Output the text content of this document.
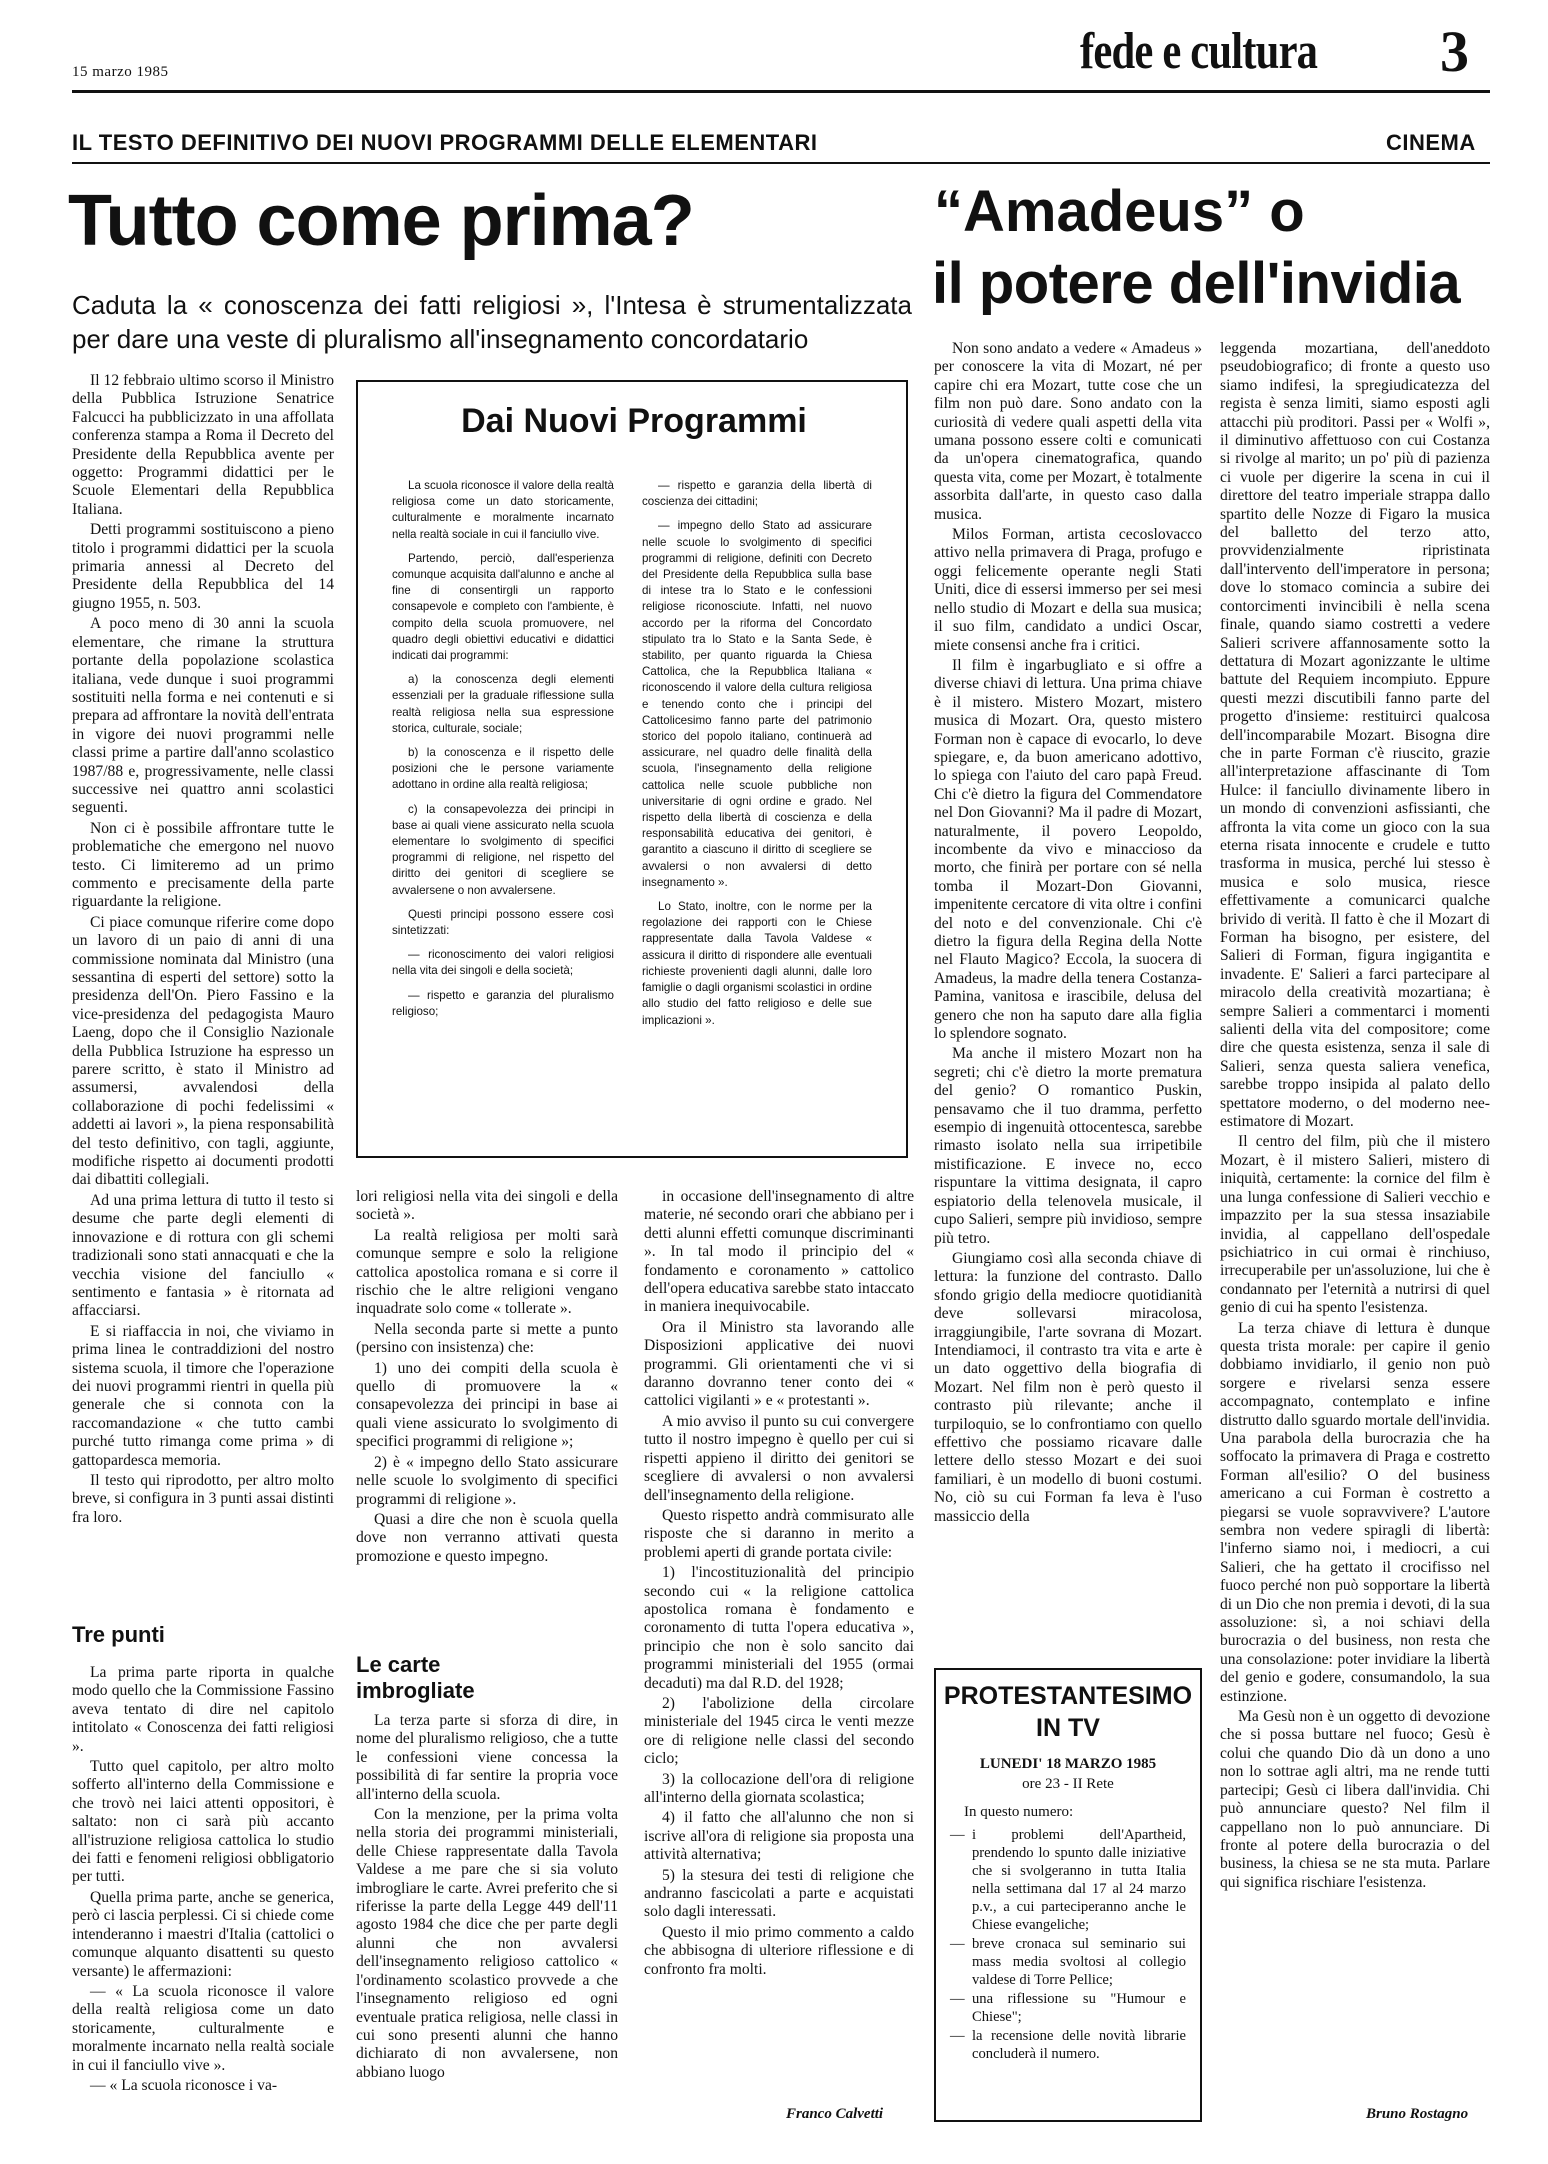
15 marzo 1985	fede e cultura 3
IL TESTO DEFINITIVO DEI NUOVI PROGRAMMI DELLE ELEMENTARI	CINEMA
Tutto come prima?
Caduta la « conoscenza dei fatti religiosi », l'Intesa è strumentalizzata per dare una veste di pluralismo all'insegnamento concordatario

Il 12 febbraio ultimo scorso il Ministro della Pubblica Istruzione Senatrice Falcucci ha pubblicizzato in una affollata conferenza stampa a Roma il Decreto del Presidente della Repubblica avente per oggetto: Programmi didattici per le Scuole Elementari della Repubblica Italiana.

Detti programmi sostituiscono a pieno titolo i programmi didattici per la scuola primaria annessi al Decreto del Presidente della Repubblica del 14 giugno 1955, n. 503.

A poco meno di 30 anni la scuola elementare, che rimane la struttura portante della popolazione scolastica italiana, vede dunque i suoi programmi sostituiti nella forma e nei contenuti e si prepara ad affrontare la novità dell'entrata in vigore dei nuovi programmi nelle classi prime a partire dall'anno scolastico 1987/88 e, progressivamente, nelle classi successive nei quattro anni scolastici seguenti.

Non ci è possibile affrontare tutte le problematiche che emergono nel nuovo testo. Ci limiteremo ad un primo commento e precisamente della parte riguardante la religione.

Ci piace comunque riferire come dopo un lavoro di un paio di anni di una commissione nominata dal Ministro (una sessantina di esperti del settore) sotto la presidenza dell'On. Piero Fassino e la vice-presidenza del pedagogista Mauro Laeng, dopo che il Consiglio Nazionale della Pubblica Istruzione ha espresso un parere scritto, è stato il Ministro ad assumersi, avvalendosi della collaborazione di pochi fedelissimi « addetti ai lavori », la piena responsabilità del testo definitivo, con tagli, aggiunte, modifiche rispetto ai documenti prodotti dai dibattiti collegiali.

Ad una prima lettura di tutto il testo si desume che parte degli elementi di innovazione e di rottura con gli schemi tradizionali sono stati annacquati e che la vecchia visione del fanciullo « sentimento e fantasia » è ritornata ad affacciarsi.

E si riaffaccia in noi, che viviamo in prima linea le contraddizioni del nostro sistema scuola, il timore che l'operazione dei nuovi programmi rientri in quella più generale che si connota con la raccomandazione « che tutto cambi purché tutto rimanga come prima » di gattopardesca memoria.

Il testo qui riprodotto, per altro molto breve, si configura in 3 punti assai distinti fra loro.

Tre punti

La prima parte riporta in qualche modo quello che la Commissione Fassino aveva tentato di dire nel capitolo intitolato « Conoscenza dei fatti religiosi ».

Tutto quel capitolo, per altro molto sofferto all'interno della Commissione e che trovò nei laici attenti oppositori, è saltato: non ci sarà più accanto all'istruzione religiosa cattolica lo studio dei fatti e fenomeni religiosi obbligatorio per tutti.

Quella prima parte, anche se generica, però ci lascia perplessi. Ci si chiede come intenderanno i maestri d'Italia (cattolici o comunque alquanto disattenti su questo versante) le affermazioni:

— « La scuola riconosce il valore della realtà religiosa come un dato storicamente, culturalmente e moralmente incarnato nella realtà sociale in cui il fanciullo vive ».

— « La scuola riconosce i va-

Dai Nuovi Programmi

La scuola riconosce il valore della realtà religiosa come un dato storicamente, culturalmente e moralmente incarnato nella realtà sociale in cui il fanciullo vive.

Partendo, perciò, dall'esperienza comunque acquisita dall'alunno e anche al fine di consentirgli un rapporto consapevole e completo con l'ambiente, è compito della scuola promuovere, nel quadro degli obiettivi educativi e didattici indicati dai programmi:

a) la conoscenza degli elementi essenziali per la graduale riflessione sulla realtà religiosa nella sua espressione storica, culturale, sociale;

b) la conoscenza e il rispetto delle posizioni che le persone variamente adottano in ordine alla realtà religiosa;

c) la consapevolezza dei principi in base ai quali viene assicurato nella scuola elementare lo svolgimento di specifici programmi di religione, nel rispetto del diritto dei genitori di scegliere se avvalersene o non avvalersene.

Questi principi possono essere così sintetizzati:

— riconoscimento dei valori religiosi nella vita dei singoli e della società;

— rispetto e garanzia del pluralismo religioso;

— rispetto e garanzia della libertà di coscienza dei cittadini;

— impegno dello Stato ad assicurare nelle scuole lo svolgimento di specifici programmi di religione, definiti con Decreto del Presidente della Repubblica sulla base di intese tra lo Stato e le confessioni religiose riconosciute. Infatti, nel nuovo accordo per la riforma del Concordato stipulato tra lo Stato e la Santa Sede, è stabilito, per quanto riguarda la Chiesa Cattolica, che la Repubblica Italiana « riconoscendo il valore della cultura religiosa e tenendo conto che i principi del Cattolicesimo fanno parte del patrimonio storico del popolo italiano, continuerà ad assicurare, nel quadro delle finalità della scuola, l'insegnamento della religione cattolica nelle scuole pubbliche non universitarie di ogni ordine e grado. Nel rispetto della libertà di coscienza e della responsabilità educativa dei genitori, è garantito a ciascuno il diritto di scegliere se avvalersi o non avvalersi di detto insegnamento ».

Lo Stato, inoltre, con le norme per la regolazione dei rapporti con le Chiese rappresentate dalla Tavola Valdese « assicura il diritto di rispondere alle eventuali richieste provenienti dagli alunni, dalle loro famiglie o dagli organismi scolastici in ordine allo studio del fatto religioso e delle sue implicazioni ».

lori religiosi nella vita dei singoli e della società ».

La realtà religiosa per molti sarà comunque sempre e solo la religione cattolica apostolica romana e si corre il rischio che le altre religioni vengano inquadrate solo come « tollerate ».

Nella seconda parte si mette a punto (persino con insistenza) che:

1) uno dei compiti della scuola è quello di promuovere la « consapevolezza dei principi in base ai quali viene assicurato lo svolgimento di specifici programmi di religione »;

2) è « impegno dello Stato assicurare nelle scuole lo svolgimento di specifici programmi di religione ».

Quasi a dire che non è scuola quella dove non verranno attivati questa promozione e questo impegno.

Le carte imbrogliate

La terza parte si sforza di dire, in nome del pluralismo religioso, che a tutte le confessioni viene concessa la possibilità di far sentire la propria voce all'interno della scuola.

Con la menzione, per la prima volta nella storia dei programmi ministeriali, delle Chiese rappresentate dalla Tavola Valdese a me pare che si sia voluto imbrogliare le carte. Avrei preferito che si riferisse la parte della Legge 449 dell'11 agosto 1984 che dice che per parte degli alunni che non avvalersi dell'insegnamento religioso cattolico « l'ordinamento scolastico provvede a che l'insegnamento religioso ed ogni eventuale pratica religiosa, nelle classi in cui sono presenti alunni che hanno dichiarato di non avvalersene, non abbiano luogo

in occasione dell'insegnamento di altre materie, né secondo orari che abbiano per i detti alunni effetti comunque discriminanti ». In tal modo il principio del « fondamento e coronamento » cattolico dell'opera educativa sarebbe stato intaccato in maniera inequivocabile.

Ora il Ministro sta lavorando alle Disposizioni applicative dei nuovi programmi. Gli orientamenti che vi si daranno dovranno tener conto dei « cattolici vigilanti » e « protestanti ».

A mio avviso il punto su cui convergere tutto il nostro impegno è quello per cui si rispetti appieno il diritto dei genitori se scegliere di avvalersi o non avvalersi dell'insegnamento della religione.

Questo rispetto andrà commisurato alle risposte che si daranno in merito a problemi aperti di grande portata civile:

1) l'incostituzionalità del principio secondo cui « la religione cattolica apostolica romana è fondamento e coronamento di tutta l'opera educativa », principio che non è solo sancito dai programmi ministeriali del 1955 (ormai decaduti) ma dal R.D. del 1928;

2) l'abolizione della circolare ministeriale del 1945 circa le venti mezze ore di religione nelle classi del secondo ciclo;

3) la collocazione dell'ora di religione all'interno della giornata scolastica;

4) il fatto che all'alunno che non si iscrive all'ora di religione sia proposta una attività alternativa;

5) la stesura dei testi di religione che andranno fascicolati a parte e acquistati solo dagli interessati.

Questo il mio primo commento a caldo che abbisogna di ulteriore riflessione e di confronto fra molti.

Franco Calvetti
“Amadeus” o
il potere dell'invidia

Non sono andato a vedere « Amadeus » per conoscere la vita di Mozart, né per capire chi era Mozart, tutte cose che un film non può dare. Sono andato con la curiosità di vedere quali aspetti della vita umana possono essere colti e comunicati da un'opera cinematografica, quando questa vita, come per Mozart, è totalmente assorbita dall'arte, in questo caso dalla musica.

Milos Forman, artista cecoslovacco attivo nella primavera di Praga, profugo e oggi felicemente operante negli Stati Uniti, dice di essersi immerso per sei mesi nello studio di Mozart e della sua musica; il suo film, candidato a undici Oscar, miete consensi anche fra i critici.

Il film è ingarbugliato e si offre a diverse chiavi di lettura. Una prima chiave è il mistero. Mistero Mozart, mistero musica di Mozart. Ora, questo mistero Forman non è capace di evocarlo, lo deve spiegare, e, da buon americano adottivo, lo spiega con l'aiuto del caro papà Freud. Chi c'è dietro la figura del Commendatore nel Don Giovanni? Ma il padre di Mozart, naturalmente, il povero Leopoldo, incombente da vivo e minaccioso da morto, che finirà per portare con sé nella tomba il Mozart-Don Giovanni, impenitente cercatore di vita oltre i confini del noto e del convenzionale. Chi c'è dietro la figura della Regina della Notte nel Flauto Magico? Eccola, la suocera di Amadeus, la madre della tenera Costanza-Pamina, vanitosa e irascibile, delusa del genero che non ha saputo dare alla figlia lo splendore sognato.

Ma anche il mistero Mozart non ha segreti; chi c'è dietro la morte prematura del genio? O romantico Puskin, pensavamo che il tuo dramma, perfetto esempio di ingenuità ottocentesca, sarebbe rimasto isolato nella sua irripetibile mistificazione. E invece no, ecco rispuntare la vittima designata, il capro espiatorio della telenovela musicale, il cupo Salieri, sempre più invidioso, sempre più tetro.

Giungiamo così alla seconda chiave di lettura: la funzione del contrasto. Dallo sfondo grigio della mediocre quotidianità deve sollevarsi miracolosa, irraggiungibile, l'arte sovrana di Mozart. Intendiamoci, il contrasto tra vita e arte è un dato oggettivo della biografia di Mozart. Nel film non è però questo il contrasto più rilevante; anche il turpiloquio, se lo confrontiamo con quello effettivo che possiamo ricavare dalle lettere dello stesso Mozart e dei suoi familiari, è un modello di buoni costumi. No, ciò su cui Forman fa leva è l'uso massiccio della

PROTESTANTESIMO
IN TV
LUNEDI' 18 MARZO 1985
ore 23 - II Rete
In questo numero:
— i problemi dell'Apartheid, prendendo lo spunto dalle iniziative che si svolgeranno in tutta Italia nella settimana dal 17 al 24 marzo p.v., a cui parteciperanno anche le Chiese evangeliche;
— breve cronaca sul seminario sui mass media svoltosi al collegio valdese di Torre Pellice;
— una riflessione su "Humour e Chiese";
— la recensione delle novità librarie concluderà il numero.

leggenda mozartiana, dell'aneddoto pseudobiografico; di fronte a questo uso siamo indifesi, la spregiudicatezza del regista è senza limiti, siamo esposti agli attacchi più proditori. Passi per « Wolfi », il diminutivo affettuoso con cui Costanza si rivolge al marito; un po' più di pazienza ci vuole per digerire la scena in cui il direttore del teatro imperiale strappa dallo spartito delle Nozze di Figaro la musica del balletto del terzo atto, provvidenzialmente ripristinata dall'intervento dell'imperatore in persona; dove lo stomaco comincia a subire dei contorcimenti invincibili è nella scena finale, quando siamo costretti a vedere Salieri scrivere affannosamente sotto la dettatura di Mozart agonizzante le ultime battute del Requiem incompiuto. Eppure questi mezzi discutibili fanno parte del progetto d'insieme: restituirci qualcosa dell'incomparabile Mozart. Bisogna dire che in parte Forman c'è riuscito, grazie all'interpretazione affascinante di Tom Hulce: il fanciullo divinamente libero in un mondo di convenzioni asfissianti, che affronta la vita come un gioco con la sua eterna risata innocente e crudele e tutto trasforma in musica, perché lui stesso è musica e solo musica, riesce effettivamente a comunicarci qualche brivido di verità. Il fatto è che il Mozart di Forman ha bisogno, per esistere, del Salieri di Forman, figura ingigantita e invadente. E' Salieri a farci partecipare al miracolo della creatività mozartiana; è sempre Salieri a commentarci i momenti salienti della vita del compositore; come dire che questa esistenza, senza il sale di Salieri, senza questa saliera venefica, sarebbe troppo insipida al palato dello spettatore moderno, o del moderno nee-estimatore di Mozart.

Il centro del film, più che il mistero Mozart, è il mistero Salieri, mistero di iniquità, certamente: la cornice del film è una lunga confessione di Salieri vecchio e impazzito per la sua stessa insaziabile invidia, al cappellano dell'ospedale psichiatrico in cui ormai è rinchiuso, irrecuperabile per un'assoluzione, lui che è condannato per l'eternità a nutrirsi di quel genio di cui ha spento l'esistenza.

La terza chiave di lettura è dunque questa trista morale: per capire il genio dobbiamo invidiarlo, il genio non può sorgere e rivelarsi senza essere accompagnato, contemplato e infine distrutto dallo sguardo mortale dell'invidia. Una parabola della burocrazia che ha soffocato la primavera di Praga e costretto Forman all'esilio? O del business americano a cui Forman è costretto a piegarsi se vuole sopravvivere? L'autore sembra non vedere spiragli di libertà: l'inferno siamo noi, i mediocri, a cui Salieri, che ha gettato il crocifisso nel fuoco perché non può sopportare la libertà di un Dio che non premia i devoti, di la sua assoluzione: sì, a noi schiavi della burocrazia o del business, non resta che una consolazione: poter invidiare la libertà del genio e godere, consumandolo, la sua estinzione.

Ma Gesù non è un oggetto di devozione che si possa buttare nel fuoco; Gesù è colui che quando Dio dà un dono a uno non lo sottrae agli altri, ma ne rende tutti partecipi; Gesù ci libera dall'invidia. Chi può annunciare questo? Nel film il cappellano non lo può annunciare. Di fronte al potere della burocrazia o del business, la chiesa se ne sta muta. Parlare qui significa rischiare l'esistenza.

Bruno Rostagno
